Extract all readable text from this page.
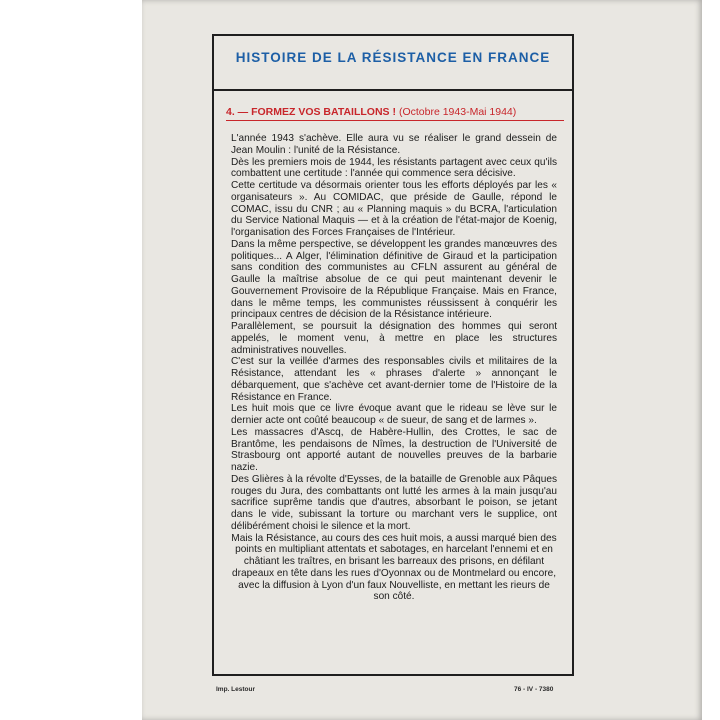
HISTOIRE DE LA RÉSISTANCE EN FRANCE
4. — FORMEZ VOS BATAILLONS ! (Octobre 1943-Mai 1944)

L'année 1943 s'achève. Elle aura vu se réaliser le grand dessein de Jean Moulin : l'unité de la Résistance.

Dès les premiers mois de 1944, les résistants partagent avec ceux qu'ils combattent une certitude : l'année qui commence sera décisive.

Cette certitude va désormais orienter tous les efforts déployés par les « organisateurs ». Au COMIDAC, que préside de Gaulle, répond le COMAC, issu du CNR ; au « Planning maquis » du BCRA, l'articulation du Service National Maquis — et à la création de l'état-major de Koenig, l'organisation des Forces Françaises de l'Intérieur.

Dans la même perspective, se développent les grandes manœuvres des politiques... A Alger, l'élimination définitive de Giraud et la participation sans condition des communistes au CFLN assurent au général de Gaulle la maîtrise absolue de ce qui peut maintenant devenir le Gouvernement Provisoire de la République Française. Mais en France, dans le même temps, les communistes réussissent à conquérir les principaux centres de décision de la Résistance intérieure.

Parallèlement, se poursuit la désignation des hommes qui seront appelés, le moment venu, à mettre en place les structures administratives nouvelles.

C'est sur la veillée d'armes des responsables civils et militaires de la Résistance, attendant les « phrases d'alerte » annonçant le débarquement, que s'achève cet avant-dernier tome de l'Histoire de la Résistance en France.

Les huit mois que ce livre évoque avant que le rideau se lève sur le dernier acte ont coûté beaucoup « de sueur, de sang et de larmes ».

Les massacres d'Ascq, de Habère-Hullin, des Crottes, le sac de Brantôme, les pendaisons de Nîmes, la destruction de l'Université de Strasbourg ont apporté autant de nouvelles preuves de la barbarie nazie.

Des Glières à la révolte d'Eysses, de la bataille de Grenoble aux Pâques rouges du Jura, des combattants ont lutté les armes à la main jusqu'au sacrifice suprême tandis que d'autres, absorbant le poison, se jetant dans le vide, subissant la torture ou marchant vers le supplice, ont délibérément choisi le silence et la mort.

Mais la Résistance, au cours des ces huit mois, a aussi marqué bien des points en multipliant attentats et sabotages, en harcelant l'ennemi et en châtiant les traîtres, en brisant les barreaux des prisons, en défilant drapeaux en tête dans les rues d'Oyonnax ou de Montmelard ou encore, avec la diffusion à Lyon d'un faux Nouvelliste, en mettant les rieurs de son côté.

Imp. Lestour	76 - IV - 7380
